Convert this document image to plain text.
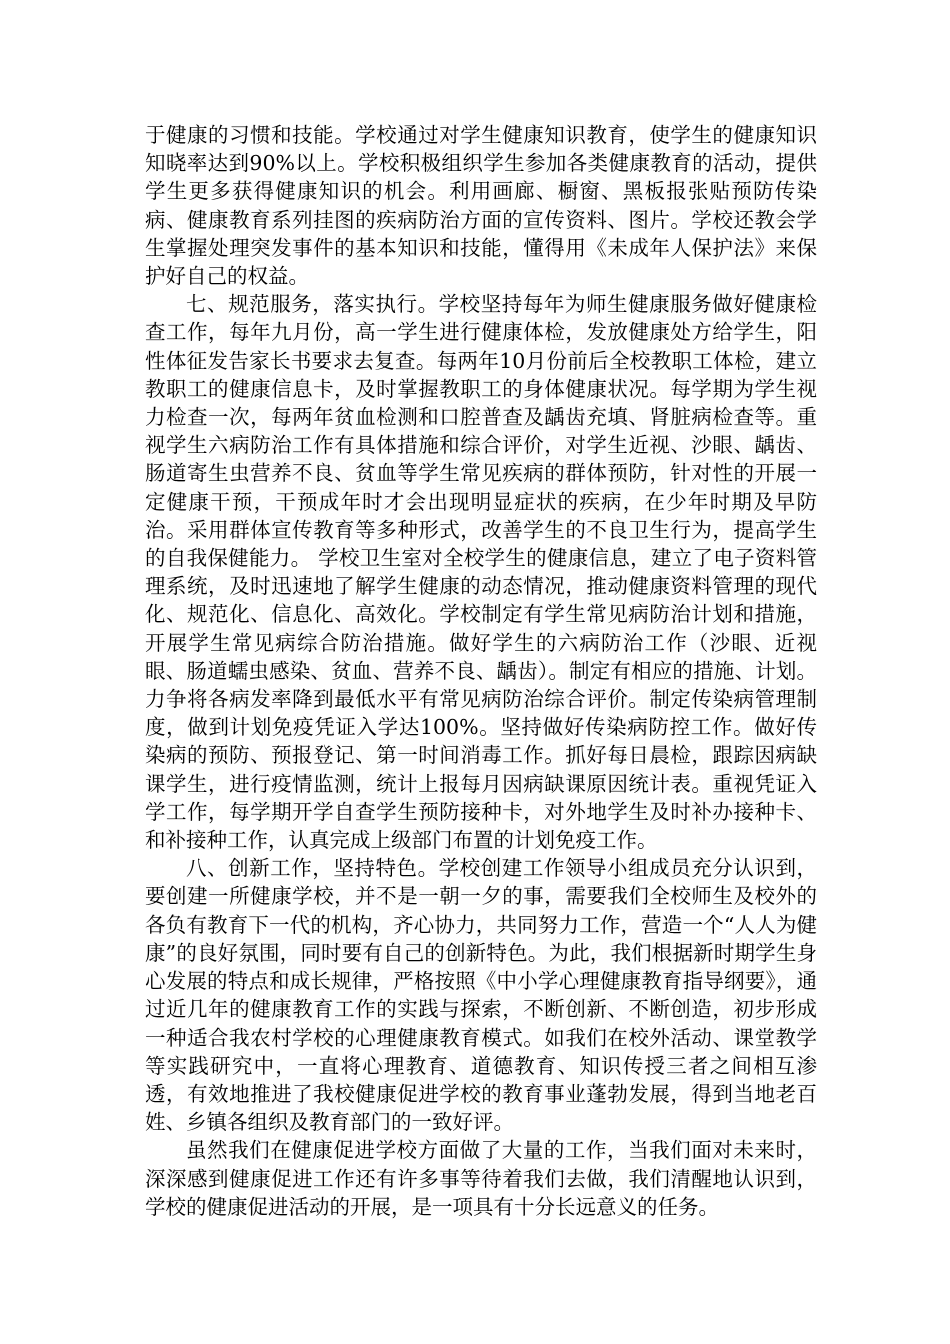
于健康的习惯和技能。学校通过对学生健康知识教育，使学生的健康知识知晓率达到90%以上。学校积极组织学生参加各类健康教育的活动，提供学生更多获得健康知识的机会。利用画廊、橱窗、黑板报张贴预防传染病、健康教育系列挂图的疾病防治方面的宣传资料、图片。学校还教会学生掌握处理突发事件的基本知识和技能，懂得用《未成年人保护法》来保护好自己的权益。

七、规范服务，落实执行。学校坚持每年为师生健康服务做好健康检查工作，每年九月份，高一学生进行健康体检，发放健康处方给学生，阳性体征发告家长书要求去复查。每两年10月份前后全校教职工体检，建立教职工的健康信息卡，及时掌握教职工的身体健康状况。每学期为学生视力检查一次，每两年贫血检测和口腔普查及龋齿充填、肾脏病检查等。重视学生六病防治工作有具体措施和综合评价，对学生近视、沙眼、龋齿、肠道寄生虫营养不良、贫血等学生常见疾病的群体预防，针对性的开展一定健康干预，干预成年时才会出现明显症状的疾病，在少年时期及早防治。采用群体宣传教育等多种形式，改善学生的不良卫生行为，提高学生的自我保健能力。 学校卫生室对全校学生的健康信息，建立了电子资料管理系统，及时迅速地了解学生健康的动态情况，推动健康资料管理的现代化、规范化、信息化、高效化。学校制定有学生常见病防治计划和措施，开展学生常见病综合防治措施。做好学生的六病防治工作（沙眼、近视眼、肠道蠕虫感染、贫血、营养不良、龋齿）。制定有相应的措施、计划。力争将各病发率降到最低水平有常见病防治综合评价。制定传染病管理制度，做到计划免疫凭证入学达100%。坚持做好传染病防控工作。做好传染病的预防、预报登记、第一时间消毒工作。抓好每日晨检，跟踪因病缺课学生，进行疫情监测，统计上报每月因病缺课原因统计表。重视凭证入学工作，每学期开学自查学生预防接种卡，对外地学生及时补办接种卡、和补接种工作，认真完成上级部门布置的计划免疫工作。

八、创新工作，坚持特色。学校创建工作领导小组成员充分认识到，要创建一所健康学校，并不是一朝一夕的事，需要我们全校师生及校外的各负有教育下一代的机构，齐心协力，共同努力工作，营造一个“人人为健康”的良好氛围，同时要有自己的创新特色。为此，我们根据新时期学生身心发展的特点和成长规律，严格按照《中小学心理健康教育指导纲要》，通过近几年的健康教育工作的实践与探索，不断创新、不断创造，初步形成一种适合我农村学校的心理健康教育模式。如我们在校外活动、课堂教学等实践研究中，一直将心理教育、道德教育、知识传授三者之间相互渗透，有效地推进了我校健康促进学校的教育事业蓬勃发展，得到当地老百姓、乡镇各组织及教育部门的一致好评。

虽然我们在健康促进学校方面做了大量的工作，当我们面对未来时，深深感到健康促进工作还有许多事等待着我们去做，我们清醒地认识到，学校的健康促进活动的开展，是一项具有十分长远意义的任务。
